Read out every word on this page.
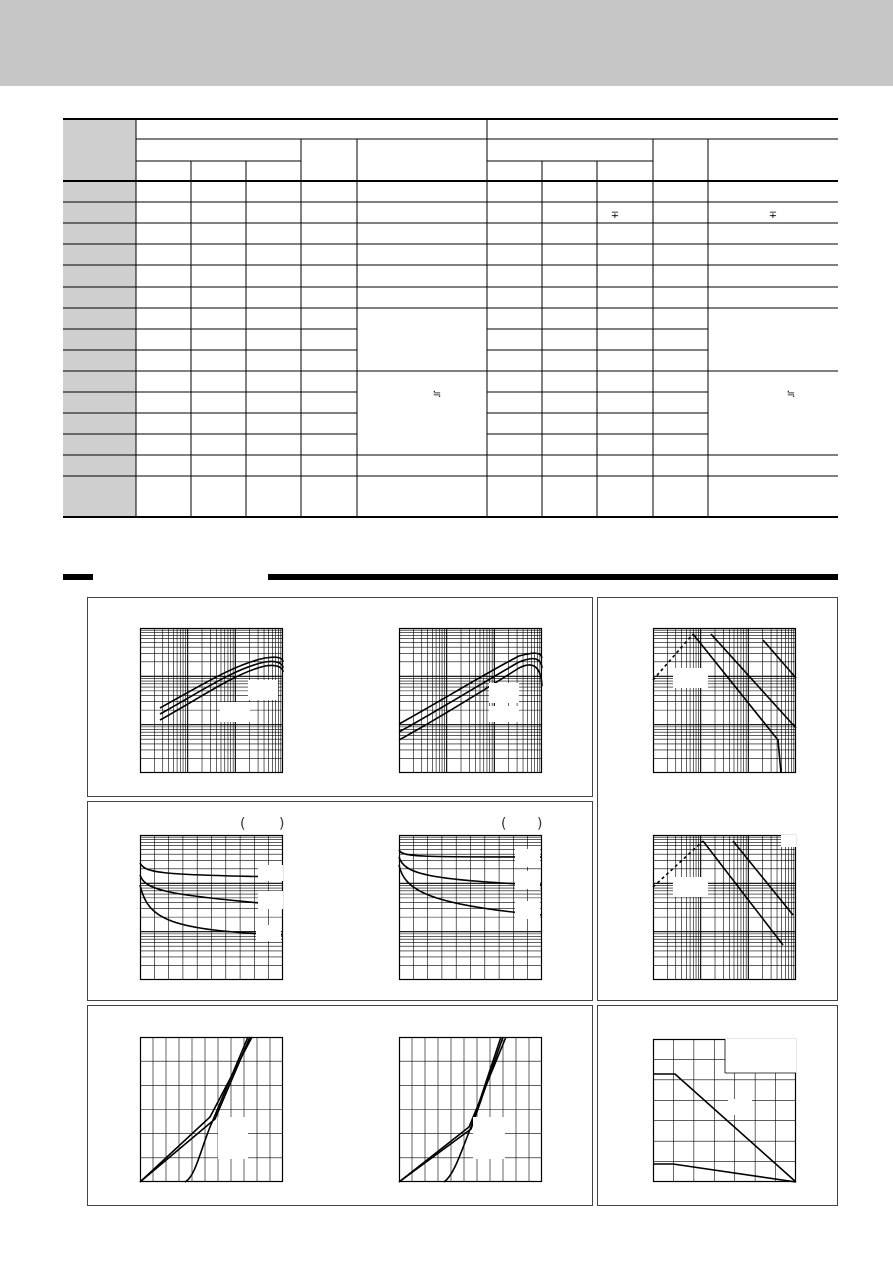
∓	∓
≒	≒
( )	( )
